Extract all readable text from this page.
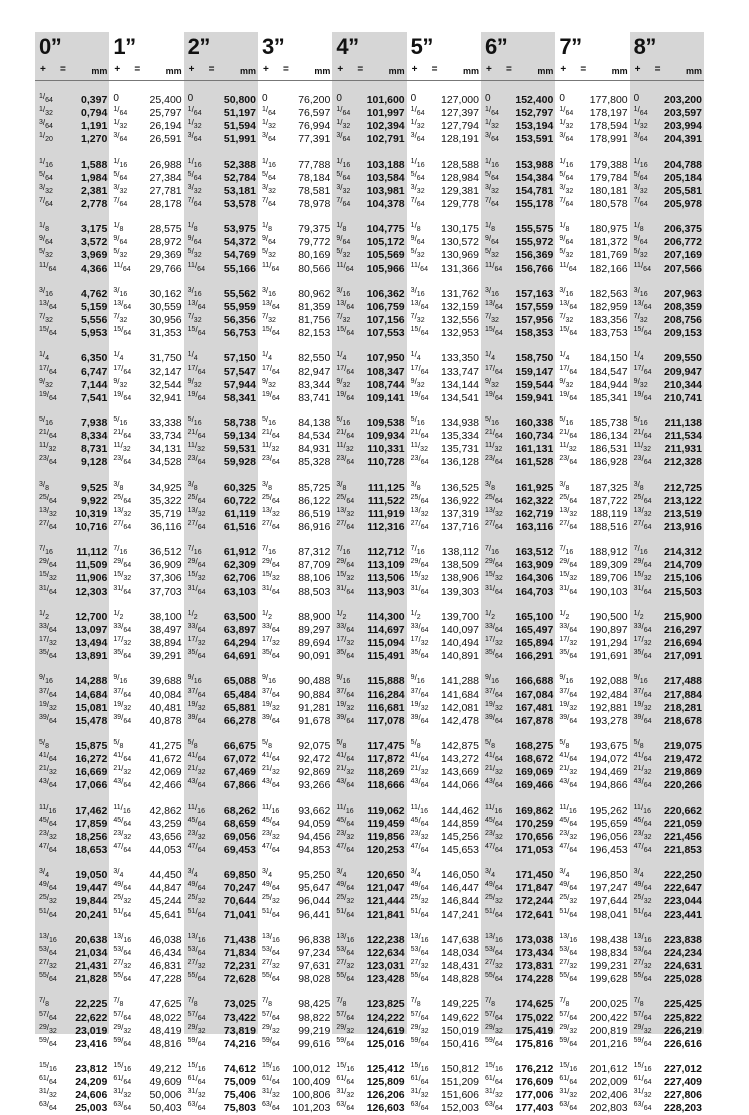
0”
+ =	mm
1/64	0,397
1/32	0,794
3/64	1,191
1/20	1,270
1/16	1,588
5/64	1,984
3/32	2,381
7/64	2,778
1/8	3,175
9/64	3,572
5/32	3,969
11/64 4,366
3/16	4,762
13/64 5,159
7/32	5,556
15/64 5,953
1/4	6,350
17/64 6,747
9/32	7,144
19/64 7,541
5/16	7,938
21/64 8,334
11/32 8,731
23/64 9,128
3/8	9,525
25/64 9,922
13/32 10,319
27/64 10,716
7/16 11,112
29/64 11,509
15/32 11,906
31/64 12,303
1/2 12,700
33/64 13,097
17/32 13,494
35/64 13,891
9/16 14,288
37/64 14,684
19/32 15,081
39/64 15,478
5/8 15,875
41/64 16,272
21/32 16,669
43/64 17,066
11/16 17,462
45/64 17,859
23/32 18,256
47/64 18,653
3/4 19,050
49/64 19,447
25/32 19,844
51/64 20,241
13/16 20,638
53/64 21,034
27/32 21,431
55/64 21,828
7/8 22,225
57/64 22,622
29/32 23,019
59/64 23,416
15/16 23,812
61/64 24,209
31/32 24,606
63/64 25,003
1”
+ =	mm
0	25,400
1/64 25,797
1/32 26,194
3/64 26,591
1/16 26,988
5/64 27,384
3/32 27,781
7/64 28,178
1/8 28,575
9/64 28,972
5/32 29,369
11/64 29,766
3/16 30,162
13/64 30,559
7/32 30,956
15/64 31,353
1/4 31,750
17/64 32,147
9/32 32,544
19/64 32,941
5/16 33,338
21/64 33,734
11/32 34,131
23/64 34,528
3/8 34,925
25/64 35,322
13/32 35,719
27/64 36,116
7/16 36,512
29/64 36,909
15/32 37,306
31/64 37,703
1/2 38,100
33/64 38,497
17/32 38,894
35/64 39,291
9/16 39,688
37/64 40,084
19/32 40,481
39/64 40,878
5/8 41,275
41/64 41,672
21/32 42,069
43/64 42,466
11/16 42,862
45/64 43,259
23/32 43,656
47/64 44,053
3/4 44,450
49/64 44,847
25/32 45,244
51/64 45,641
13/16 46,038
53/64 46,434
27/32 46,831
55/64 47,228
7/8 47,625
57/64 48,022
29/32 48,419
59/64 48,816
15/16 49,212
61/64 49,609
31/32 50,006
63/64 50,403
2”
+ =	mm
0	50,800
1/64 51,197
1/32 51,594
3/64 51,991
1/16 52,388
5/64 52,784
3/32 53,181
7/64 53,578
1/8 53,975
9/64 54,372
5/32 54,769
11/64 55,166
3/16 55,562
13/64 55,959
7/32 56,356
15/64 56,753
1/4 57,150
17/64 57,547
9/32 57,944
19/64 58,341
5/16 58,738
21/64 59,134
11/32 59,531
23/64 59,928
3/8 60,325
25/64 60,722
13/32 61,119
27/64 61,516
7/16 61,912
29/64 62,309
15/32 62,706
31/64 63,103
1/2 63,500
33/64 63,897
17/32 64,294
35/64 64,691
9/16 65,088
37/64 65,484
19/32 65,881
39/64 66,278
5/8 66,675
41/64 67,072
21/32 67,469
43/64 67,866
11/16 68,262
45/64 68,659
23/32 69,056
47/64 69,453
3/4 69,850
49/64 70,247
25/32 70,644
51/64 71,041
13/16 71,438
53/64 71,834
27/32 72,231
55/64 72,628
7/8 73,025
57/64 73,422
29/32 73,819
59/64 74,216
15/16 74,612
61/64 75,009
31/32 75,406
63/64 75,803
3”
+ =	mm
0	76,200
1/64 76,597
1/32 76,994
3/64 77,391
1/16 77,788
5/64 78,184
3/32 78,581
7/64 78,978
1/8 79,375
9/64 79,772
5/32 80,169
11/64 80,566
3/16 80,962
13/64 81,359
7/32 81,756
15/64 82,153
1/4 82,550
17/64 82,947
9/32 83,344
19/64 83,741
5/16 84,138
21/64 84,534
11/32 84,931
23/64 85,328
3/8 85,725
25/64 86,122
13/32 86,519
27/64 86,916
7/16 87,312
29/64 87,709
15/32 88,106
31/64 88,503
1/2 88,900
33/64 89,297
17/32 89,694
35/64 90,091
9/16 90,488
37/64 90,884
19/32 91,281
39/64 91,678
5/8 92,075
41/64 92,472
21/32 92,869
43/64 93,266
11/16 93,662
45/64 94,059
23/32 94,456
47/64 94,853
3/4 95,250
49/64 95,647
25/32 96,044
51/64 96,441
13/16 96,838
53/64 97,234
27/32 97,631
55/64 98,028
7/8 98,425
57/64 98,822
29/32 99,219
59/64 99,616
15/16 100,012
61/64 100,409
31/32 100,806
63/64 101,203
4”
+ =	mm
0 101,600
1/64 101,997
1/32 102,394
3/64 102,791
1/16 103,188
5/64 103,584
3/32 103,981
7/64 104,378
1/8 104,775
9/64 105,172
5/32 105,569
11/64 105,966
3/16 106,362
13/64 106,759
7/32 107,156
15/64 107,553
1/4 107,950
17/64 108,347
9/32 108,744
19/64 109,141
5/16 109,538
21/64 109,934
11/32 110,331
23/64 110,728
3/8 111,125
25/64 111,522
13/32 111,919
27/64 112,316
7/16 112,712
29/64 113,109
15/32 113,506
31/64 113,903
1/2 114,300
33/64 114,697
17/32 115,094
35/64 115,491
9/16 115,888
37/64 116,284
19/32 116,681
39/64 117,078
5/8 117,475
41/64 117,872
21/32 118,269
43/64 118,666
11/16 119,062
45/64 119,459
23/32 119,856
47/64 120,253
3/4 120,650
49/64 121,047
25/32 121,444
51/64 121,841
13/16 122,238
53/64 122,634
27/32 123,031
55/64 123,428
7/8 123,825
57/64 124,222
29/32 124,619
59/64 125,016
15/16 125,412
61/64 125,809
31/32 126,206
63/64 126,603
5”
+ =	mm
0 127,000
1/64 127,397
1/32 127,794
3/64 128,191
1/16 128,588
5/64 128,984
3/32 129,381
7/64 129,778
1/8 130,175
9/64 130,572
5/32 130,969
11/64 131,366
3/16 131,762
13/64 132,159
7/32 132,556
15/64 132,953
1/4 133,350
17/64 133,747
9/32 134,144
19/64 134,541
5/16 134,938
21/64 135,334
11/32 135,731
23/64 136,128
3/8 136,525
25/64 136,922
13/32 137,319
27/64 137,716
7/16 138,112
29/64 138,509
15/32 138,906
31/64 139,303
1/2 139,700
33/64 140,097
17/32 140,494
35/64 140,891
9/16 141,288
37/64 141,684
19/32 142,081
39/64 142,478
5/8 142,875
41/64 143,272
21/32 143,669
43/64 144,066
11/16 144,462
45/64 144,859
23/32 145,256
47/64 145,653
3/4 146,050
49/64 146,447
25/32 146,844
51/64 147,241
13/16 147,638
53/64 148,034
27/32 148,431
55/64 148,828
7/8 149,225
57/64 149,622
29/32 150,019
59/64 150,416
15/16 150,812
61/64 151,209
31/32 151,606
63/64 152,003
6”
+ =	mm
0 152,400
1/64 152,797
1/32 153,194
3/64 153,591
1/16 153,988
5/64 154,384
3/32 154,781
7/64 155,178
1/8 155,575
9/64 155,972
5/32 156,369
11/64 156,766
3/16 157,163
13/64 157,559
7/32 157,956
15/64 158,353
1/4 158,750
17/64 159,147
9/32 159,544
19/64 159,941
5/16 160,338
21/64 160,734
11/32 161,131
23/64 161,528
3/8 161,925
25/64 162,322
13/32 162,719
27/64 163,116
7/16 163,512
29/64 163,909
15/32 164,306
31/64 164,703
1/2 165,100
33/64 165,497
17/32 165,894
35/64 166,291
9/16 166,688
37/64 167,084
19/32 167,481
39/64 167,878
5/8 168,275
41/64 168,672
21/32 169,069
43/64 169,466
11/16 169,862
45/64 170,259
23/32 170,656
47/64 171,053
3/4 171,450
49/64 171,847
25/32 172,244
51/64 172,641
13/16 173,038
53/64 173,434
27/32 173,831
55/64 174,228
7/8 174,625
57/64 175,022
29/32 175,419
59/64 175,816
15/16 176,212
61/64 176,609
31/32 177,006
63/64 177,403
7”
+ =	mm
0 177,800
1/64 178,197
1/32 178,594
3/64 178,991
1/16 179,388
5/64 179,784
3/32 180,181
7/64 180,578
1/8 180,975
9/64 181,372
5/32 181,769
11/64 182,166
3/16 182,563
13/64 182,959
7/32 183,356
15/64 183,753
1/4 184,150
17/64 184,547
9/32 184,944
19/64 185,341
5/16 185,738
21/64 186,134
11/32 186,531
23/64 186,928
3/8 187,325
25/64 187,722
13/32 188,119
27/64 188,516
7/16 188,912
29/64 189,309
15/32 189,706
31/64 190,103
1/2 190,500
33/64 190,897
17/32 191,294
35/64 191,691
9/16 192,088
37/64 192,484
19/32 192,881
39/64 193,278
5/8 193,675
41/64 194,072
21/32 194,469
43/64 194,866
11/16 195,262
45/64 195,659
23/32 196,056
47/64 196,453
3/4 196,850
49/64 197,247
25/32 197,644
51/64 198,041
13/16 198,438
53/64 198,834
27/32 199,231
55/64 199,628
7/8 200,025
57/64 200,422
29/32 200,819
59/64 201,216
15/16 201,612
61/64 202,009
31/32 202,406
63/64 202,803
8”
+ =	mm
0 203,200
1/64 203,597
1/32 203,994
3/64 204,391
1/16 204,788
5/64 205,184
3/32 205,581
7/64 205,978
1/8 206,375
9/64 206,772
5/32 207,169
11/64 207,566
3/16 207,963
13/64 208,359
7/32 208,756
15/64 209,153
1/4 209,550
17/64 209,947
9/32 210,344
19/64 210,741
5/16 211,138
21/64 211,534
11/32 211,931
23/64 212,328
3/8 212,725
25/64 213,122
13/32 213,519
27/64 213,916
7/16 214,312
29/64 214,709
15/32 215,106
31/64 215,503
1/2 215,900
33/64 216,297
17/32 216,694
35/64 217,091
9/16 217,488
37/64 217,884
19/32 218,281
39/64 218,678
5/8 219,075
41/64 219,472
21/32 219,869
43/64 220,266
11/16 220,662
45/64 221,059
23/32 221,456
47/64 221,853
3/4 222,250
49/64 222,647
25/32 223,044
51/64 223,441
13/16 223,838
53/64 224,234
27/32 224,631
55/64 225,028
7/8 225,425
57/64 225,822
29/32 226,219
59/64 226,616
15/16 227,012
61/64 227,409
31/32 227,806
63/64 228,203
